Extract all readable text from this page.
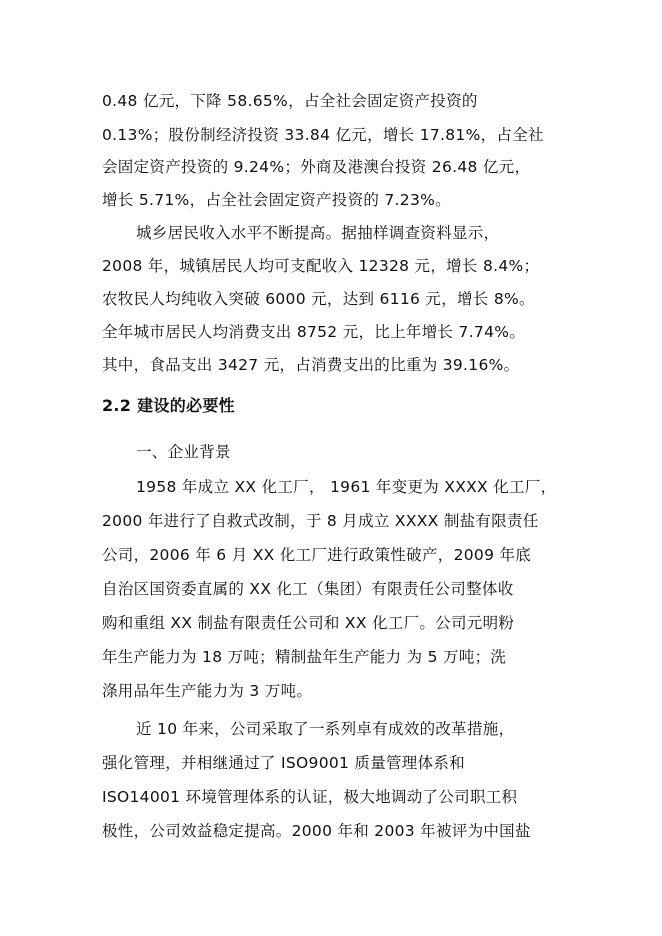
0.48 亿元，下降 58.65%，占全社会固定资产投资的
0.13%；股份制经济投资 33.84 亿元，增长 17.81%，占全社
会固定资产投资的 9.24%；外商及港澳台投资 26.48 亿元，
增长 5.71%，占全社会固定资产投资的 7.23%。
城乡居民收入水平不断提高。据抽样调查资料显示，
2008 年，城镇居民人均可支配收入 12328 元，增长 8.4%；
农牧民人均纯收入突破 6000 元，达到 6116 元，增长 8%。
全年城市居民人均消费支出 8752 元，比上年增长 7.74%。
其中，食品支出 3427 元，占消费支出的比重为 39.16%。
2.2 建设的必要性
一、企业背景
1958 年成立 XX 化工厂， 1961 年变更为 XXXX 化工厂，
2000 年进行了自救式改制，于 8 月成立 XXXX 制盐有限责任
公司，2006 年 6 月 XX 化工厂进行政策性破产，2009 年底
自治区国资委直属的 XX 化工（集团）有限责任公司整体收
购和重组 XX 制盐有限责任公司和 XX 化工厂。公司元明粉
年生产能力为 18 万吨；精制盐年生产能力 为 5 万吨；洗
涤用品年生产能力为 3 万吨。
近 10 年来，公司采取了一系列卓有成效的改革措施，
强化管理，并相继通过了 ISO9001 质量管理体系和
ISO14001 环境管理体系的认证，极大地调动了公司职工积
极性，公司效益稳定提高。2000 年和 2003 年被评为中国盐
